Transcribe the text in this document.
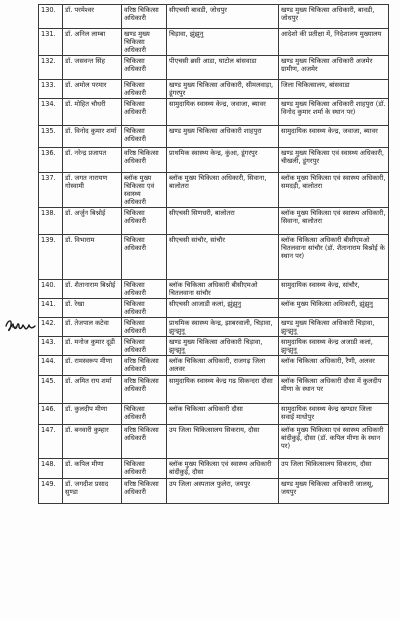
130.	डॉ. परमेश्वर	वरिष्ठ चिकित्सा अधिकारी	सीएचसी बावडी, जोधपुर	खण्ड मुख्य चिकित्सा अधिकारी, बावडी, जोधपुर
131.	डॉ. अनिल लाम्बा	खण्ड मुख्य चिकित्सा अधिकारी	चिड़ावा, झुंझुनु	आदेशो की प्रतीक्षा में, निदेशालय मुख्यालय
132.	डॉ. जसवन्त सिंह	चिकित्सा अधिकारी	पीएचसी ब्रसी आडा, घाटोल बांसवाडा	खण्ड मुख्य चिकित्सा अधिकारी अजमेर ग्रामीण, अजमेर
133.	डॉ. अमोल परमार	चिकित्सा अधिकारी	खण्ड मुख्य चिकित्सा अधिकारी, सीमलवाड़ा, डूंगरपुर	जिला चिकित्सालय, बांसवाडा
134.	डॉ. मोहित चौधरी	चिकित्सा अधिकारी	सामुदायिक स्वास्थ्य केन्द्र, जवाजा, ब्यावर	खण्ड मुख्य चिकित्सा अधिकारी शाहपुरा (डॉ. विनोद कुमार शर्मा के स्थान पर)
135.	डॉ. विनोद कुमार शर्मा	चिकित्सा अधिकारी	खण्ड मुख्य चिकित्सा अधिकारी शाहपुरा	सामुदायिक स्वास्थ्य केन्द्र, जवाजा, ब्यावर
136.	डॉ. नरेन्द्र प्रजापत	वरिष्ठ चिकित्सा अधिकारी	प्राथमिक स्वास्थ्य केन्द्र, कुंआ, डूंगरपुर	खण्ड मुख्य चिकित्सा एवं स्वास्थ्य अधिकारी, चीखली, डूंगरपुर
137.	डॉ. जगत नारायण गोस्वामी	ब्लॉक मुख्य चिकित्सा एवं स्वास्थ्य अधिकारी	ब्लॉक मुख्य चिकित्सा अधिकारी, सिवाना, बालोतरा	ब्लॉक मुख्य चिकित्सा एवं स्वास्थ्य अधिकारी, समदड़ी, बालोतरा
138.	डॉ. अर्जुन बिश्नोई	चिकित्सा अधिकारी	सीएचसी सिणधरी, बालोतरा	ब्लॉक मुख्य चिकित्सा एवं स्वास्थ्य अधिकारी, सिवाना, बालोतरा
139.	डॉ. विभाराम	चिकित्सा अधिकारी	सीएचसी सांचौर, सांचौर	ब्लॉक चिकित्सा अधिकारी बीसीएमओ चितलवाना सांचौर (डॉ. शैतानाराम बिश्नोई के स्थान पर)
140.	डॉ. शैतानाराम बिश्नोई	चिकित्सा अधिकारी	ब्लॉक चिकित्सा अधिकारी बीसीएमओ चितलवाना सांचौर	सामुदायिक स्वास्थ्य केन्द्र, सांचौर,
141.	डॉ. रेखा	चिकित्सा अधिकारी	सीएचसी आजाडी कलां, झुंझुनु	ब्लॉक मुख्य चिकित्सा अधिकारी, झुंझुनु
142.	डॉ. तेजपाल कटेवा	चिकित्सा अधिकारी	प्राथमिक स्वास्थ्य केन्द्र, झाबरवाली, चिड़ावा, झुन्झुनू	खण्ड मुख्य चिकित्सा अधिकारी चिड़ावा, झुन्झुनू
143.	डॉ. मनोज कुमार दूडी	चिकित्सा अधिकारी	खण्ड मुख्य चिकित्सा अधिकारी चिड़ावा, झुन्झुनू	सामुदायिक स्वास्थ्य केन्द्र अजाडी कलां, झुन्झुनू
144.	डॉ. रामस्वरूप मीणा	वरिष्ठ चिकित्सा अधिकारी	ब्लॉक चिकित्सा अधिकारी, राजगढ़ जिला अलवर	ब्लॉक चिकित्सा अधिकारी, रैणी, अलवर
145.	डॉ. अमित राय शर्मा	वरिष्ठ चिकित्सा अधिकारी	सामुदायिक स्वास्थ्य केन्द्र गढ सिकन्दरा दौसा	ब्लॉक चिकित्सा अधिकारी दौसा में कुलदीप मीणा के स्थान पर
146.	डॉ. कुलदीप मीणा	चिकित्सा अधिकारी	ब्लॉक चिकित्सा अधिकारी दौसा	सामुदायिक स्वास्थ्य केन्द्र खण्डार जिला सवाई माधोपुर
147.	डॉ. बनवारी कुम्हार	वरिष्ठ चिकित्सा अधिकारी	उप जिला चिकित्सालय सिकराय, दौसा	ब्लॉक मुख्य चिकित्सा एवं स्वास्थ्य अधिकारी बांदीकुई, दौसा (डॉ. कपिल मीणा के स्थान पर)
148.	डॉ. कपिल मीणा	चिकित्सा अधिकारी	ब्लॉक मुख्य चिकित्सा एवं स्वास्थ्य अधिकारी बांदीकुई, दौसा	उप जिला चिकित्सालय सिकराय, दौसा
149.	डॉ. जगदीश प्रसाद सुण्डा	वरिष्ठ चिकित्सा अधिकारी	उप जिला अस्पताल फुलेरा, जयपुर	खण्ड मुख्य चिकित्सा अधिकारी जालसू, जयपुर
